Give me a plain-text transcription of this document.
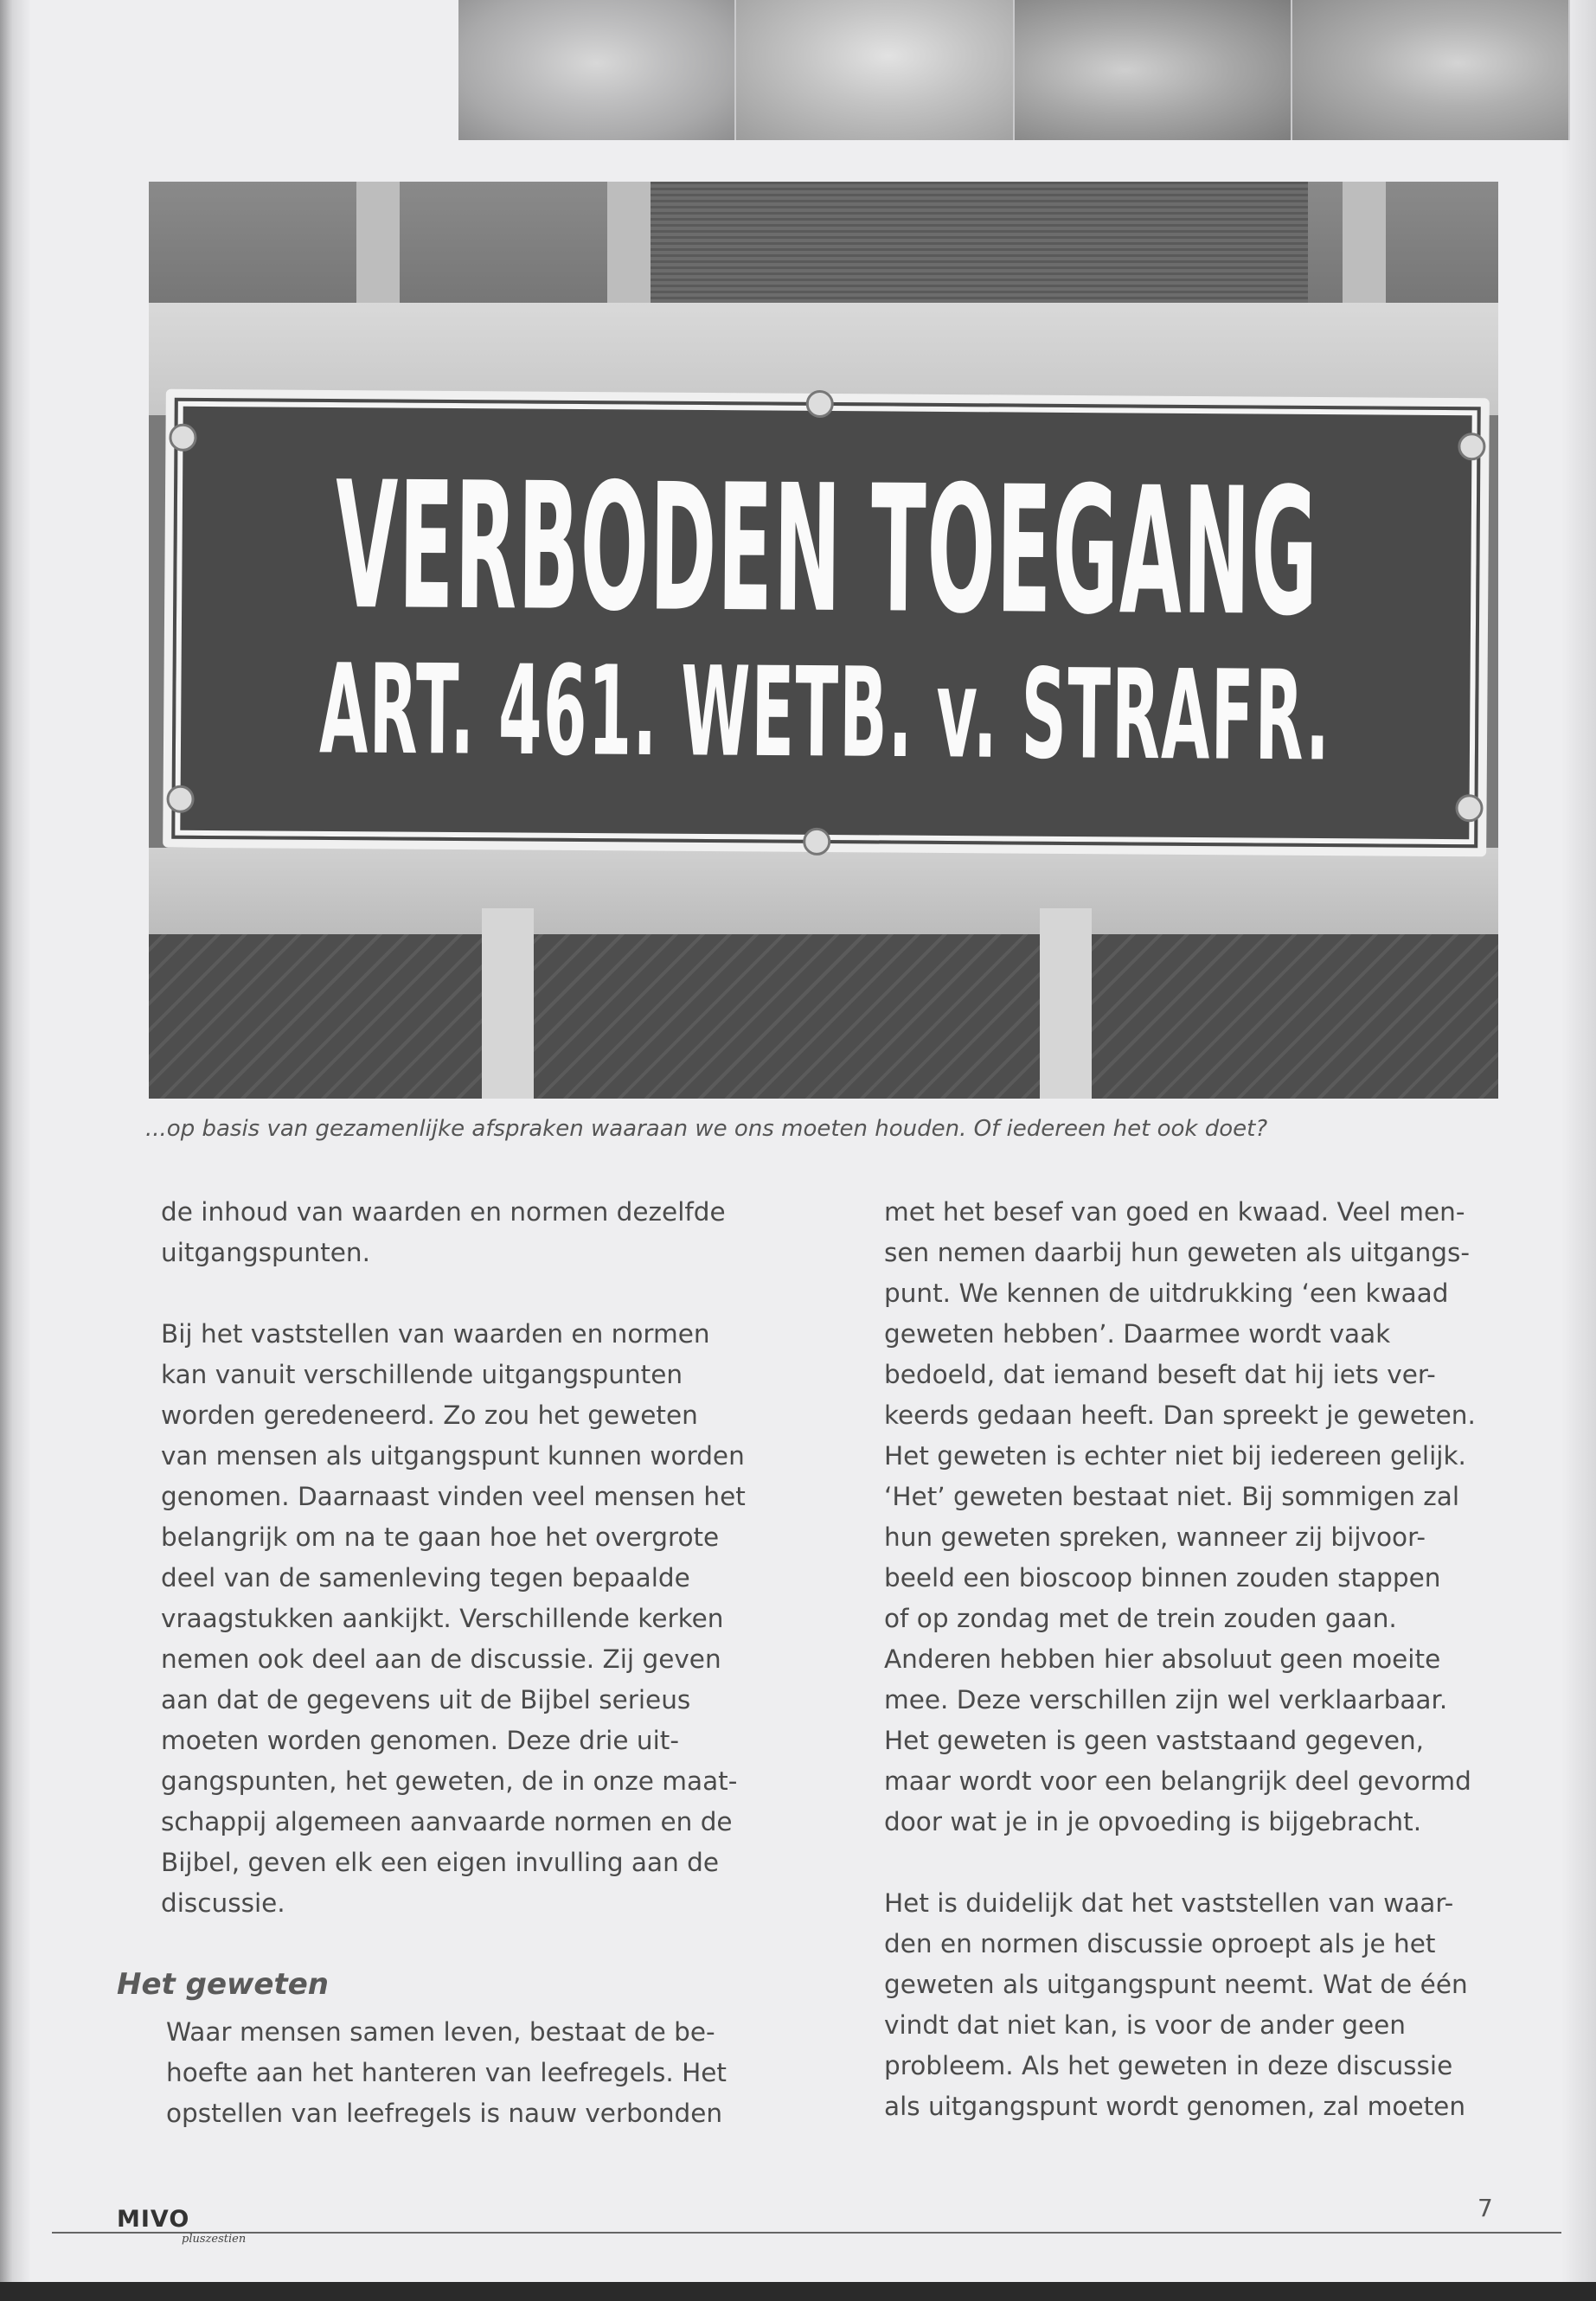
VERBODEN TOEGANG
ART. 461. WETB. v. STRAFR.
...op basis van gezamenlijke afspraken waaraan we ons moeten houden. Of iedereen het ook doet?

de inhoud van waarden en normen dezelfde
uitgangspunten.

Bij het vaststellen van waarden en normen
kan vanuit verschillende uitgangspunten
worden geredeneerd. Zo zou het geweten
van mensen als uitgangspunt kunnen worden
genomen. Daarnaast vinden veel mensen het
belangrijk om na te gaan hoe het overgrote
deel van de samenleving tegen bepaalde
vraagstukken aankijkt. Verschillende kerken
nemen ook deel aan de discussie. Zij geven
aan dat de gegevens uit de Bijbel serieus
moeten worden genomen. Deze drie uit-
gangspunten, het geweten, de in onze maat-
schappij algemeen aanvaarde normen en de
Bijbel, geven elk een eigen invulling aan de
discussie.

Het geweten

Waar mensen samen leven, bestaat de be-
hoefte aan het hanteren van leefregels. Het
opstellen van leefregels is nauw verbonden

met het besef van goed en kwaad. Veel men-
sen nemen daarbij hun geweten als uitgangs-
punt. We kennen de uitdrukking ‘een kwaad
geweten hebben’. Daarmee wordt vaak
bedoeld, dat iemand beseft dat hij iets ver-
keerds gedaan heeft. Dan spreekt je geweten.
Het geweten is echter niet bij iedereen gelijk.
‘Het’ geweten bestaat niet. Bij sommigen zal
hun geweten spreken, wanneer zij bijvoor-
beeld een bioscoop binnen zouden stappen
of op zondag met de trein zouden gaan.
Anderen hebben hier absoluut geen moeite
mee. Deze verschillen zijn wel verklaarbaar.
Het geweten is geen vaststaand gegeven,
maar wordt voor een belangrijk deel gevormd
door wat je in je opvoeding is bijgebracht.

Het is duidelijk dat het vaststellen van waar-
den en normen discussie oproept als je het
geweten als uitgangspunt neemt. Wat de één
vindt dat niet kan, is voor de ander geen
probleem. Als het geweten in deze discussie
als uitgangspunt wordt genomen, zal moeten

MIVO
pluszestien
7
